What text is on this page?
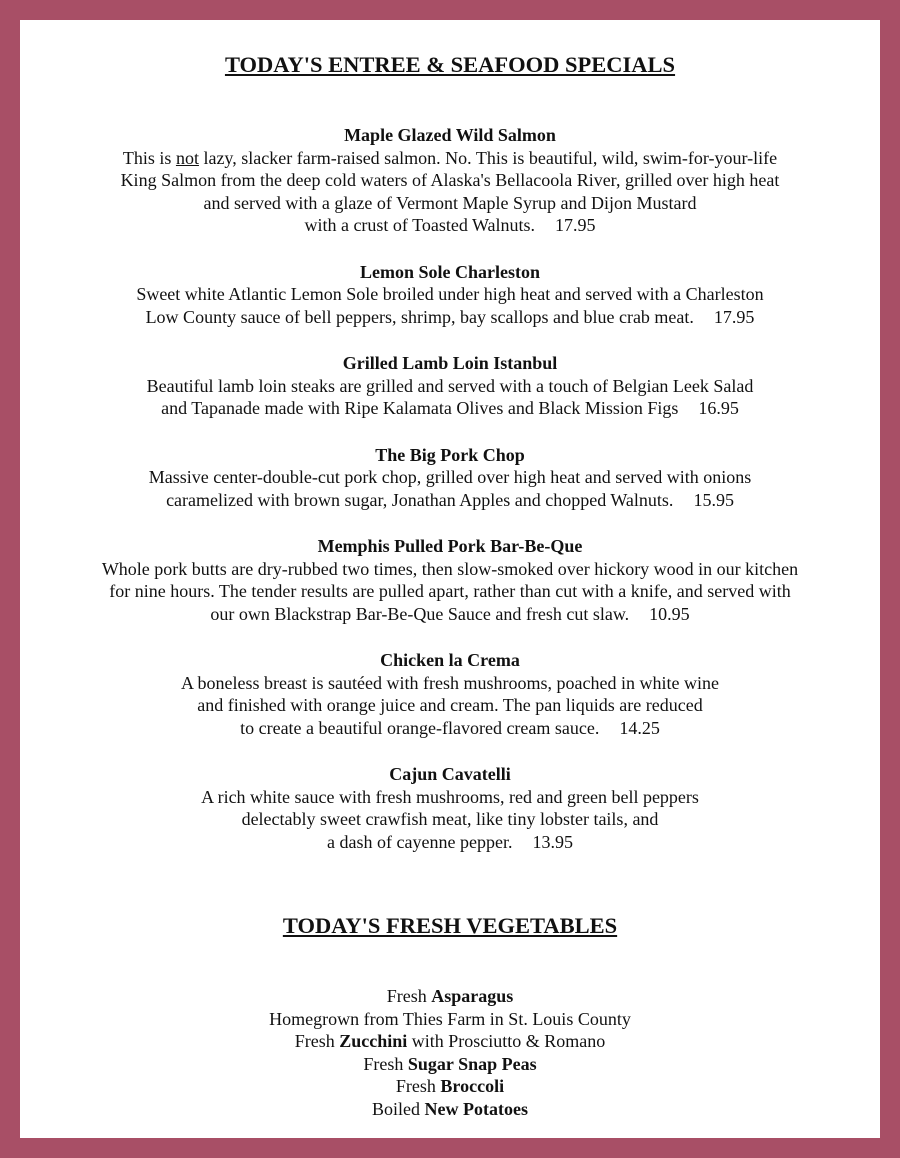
TODAY'S ENTREE & SEAFOOD SPECIALS
Maple Glazed Wild Salmon
This is not lazy, slacker farm-raised salmon. No. This is beautiful, wild, swim-for-your-life
King Salmon from the deep cold waters of Alaska's Bellacoola River, grilled over high heat
and served with a glaze of Vermont Maple Syrup and Dijon Mustard
with a crust of Toasted Walnuts. 17.95
Lemon Sole Charleston
Sweet white Atlantic Lemon Sole broiled under high heat and served with a Charleston
Low County sauce of bell peppers, shrimp, bay scallops and blue crab meat. 17.95
Grilled Lamb Loin Istanbul
Beautiful lamb loin steaks are grilled and served with a touch of Belgian Leek Salad
and Tapanade made with Ripe Kalamata Olives and Black Mission Figs 16.95
The Big Pork Chop
Massive center-double-cut pork chop, grilled over high heat and served with onions
caramelized with brown sugar, Jonathan Apples and chopped Walnuts. 15.95
Memphis Pulled Pork Bar-Be-Que
Whole pork butts are dry-rubbed two times, then slow-smoked over hickory wood in our kitchen
for nine hours. The tender results are pulled apart, rather than cut with a knife, and served with
our own Blackstrap Bar-Be-Que Sauce and fresh cut slaw. 10.95
Chicken la Crema
A boneless breast is sautéed with fresh mushrooms, poached in white wine
and finished with orange juice and cream. The pan liquids are reduced
to create a beautiful orange-flavored cream sauce. 14.25
Cajun Cavatelli
A rich white sauce with fresh mushrooms, red and green bell peppers
delectably sweet crawfish meat, like tiny lobster tails, and
a dash of cayenne pepper. 13.95
TODAY'S FRESH VEGETABLES
Fresh Asparagus
Homegrown from Thies Farm in St. Louis County
Fresh Zucchini with Prosciutto & Romano
Fresh Sugar Snap Peas
Fresh Broccoli
Boiled New Potatoes
